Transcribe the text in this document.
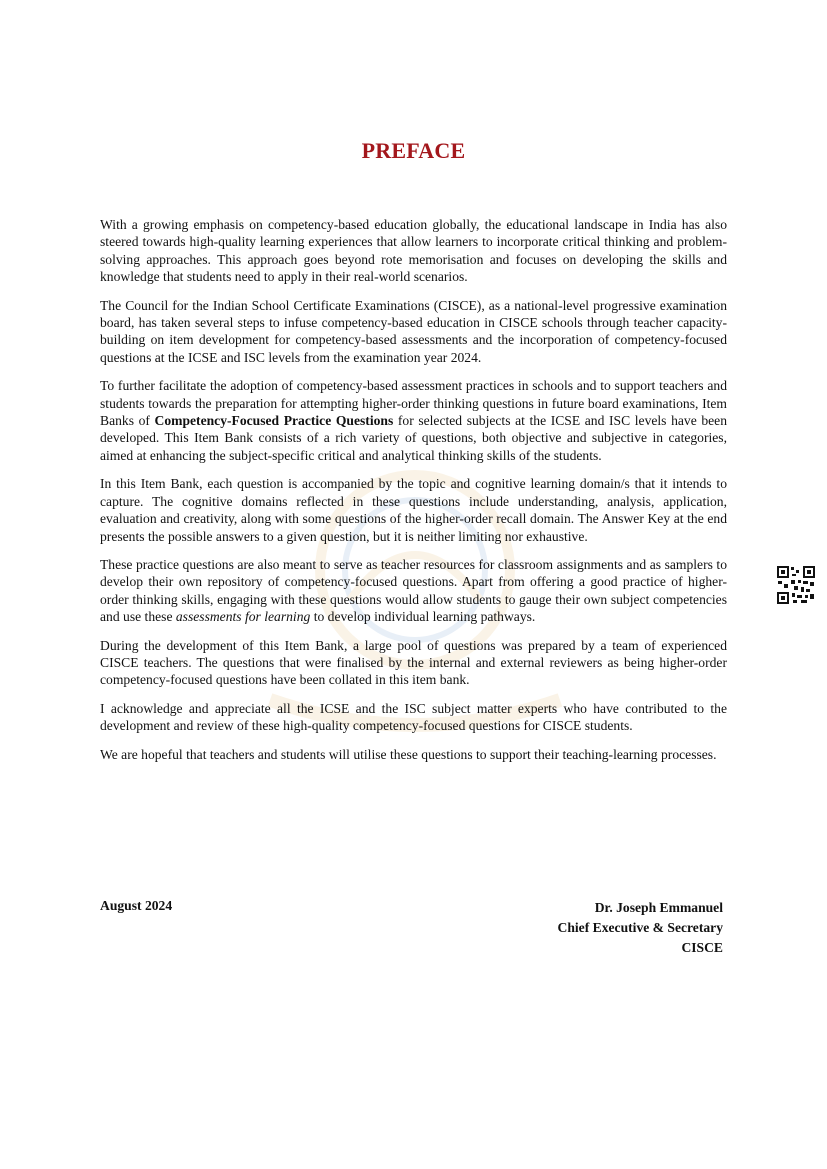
PREFACE

With a growing emphasis on competency-based education globally, the educational landscape in India has also steered towards high-quality learning experiences that allow learners to incorporate critical thinking and problem-solving approaches. This approach goes beyond rote memorisation and focuses on developing the skills and knowledge that students need to apply in their real-world scenarios.

The Council for the Indian School Certificate Examinations (CISCE), as a national-level progressive examination board, has taken several steps to infuse competency-based education in CISCE schools through teacher capacity-building on item development for competency-based assessments and the incorporation of competency-focused questions at the ICSE and ISC levels from the examination year 2024.

To further facilitate the adoption of competency-based assessment practices in schools and to support teachers and students towards the preparation for attempting higher-order thinking questions in future board examinations, Item Banks of Competency-Focused Practice Questions for selected subjects at the ICSE and ISC levels have been developed. This Item Bank consists of a rich variety of questions, both objective and subjective in categories, aimed at enhancing the subject-specific critical and analytical thinking skills of the students.

In this Item Bank, each question is accompanied by the topic and cognitive learning domain/s that it intends to capture. The cognitive domains reflected in these questions include understanding, analysis, application, evaluation and creativity, along with some questions of the higher-order recall domain. The Answer Key at the end presents the possible answers to a given question, but it is neither limiting nor exhaustive.

These practice questions are also meant to serve as teacher resources for classroom assignments and as samplers to develop their own repository of competency-focused questions. Apart from offering a good practice of higher-order thinking skills, engaging with these questions would allow students to gauge their own subject competencies and use these assessments for learning to develop individual learning pathways.

During the development of this Item Bank, a large pool of questions was prepared by a team of experienced CISCE teachers. The questions that were finalised by the internal and external reviewers as being higher-order competency-focused questions have been collated in this item bank.

I acknowledge and appreciate all the ICSE and the ISC subject matter experts who have contributed to the development and review of these high-quality competency-focused questions for CISCE students.

We are hopeful that teachers and students will utilise these questions to support their teaching-learning processes.

August 2024	Dr. Joseph Emmanuel
Chief Executive & Secretary
CISCE
